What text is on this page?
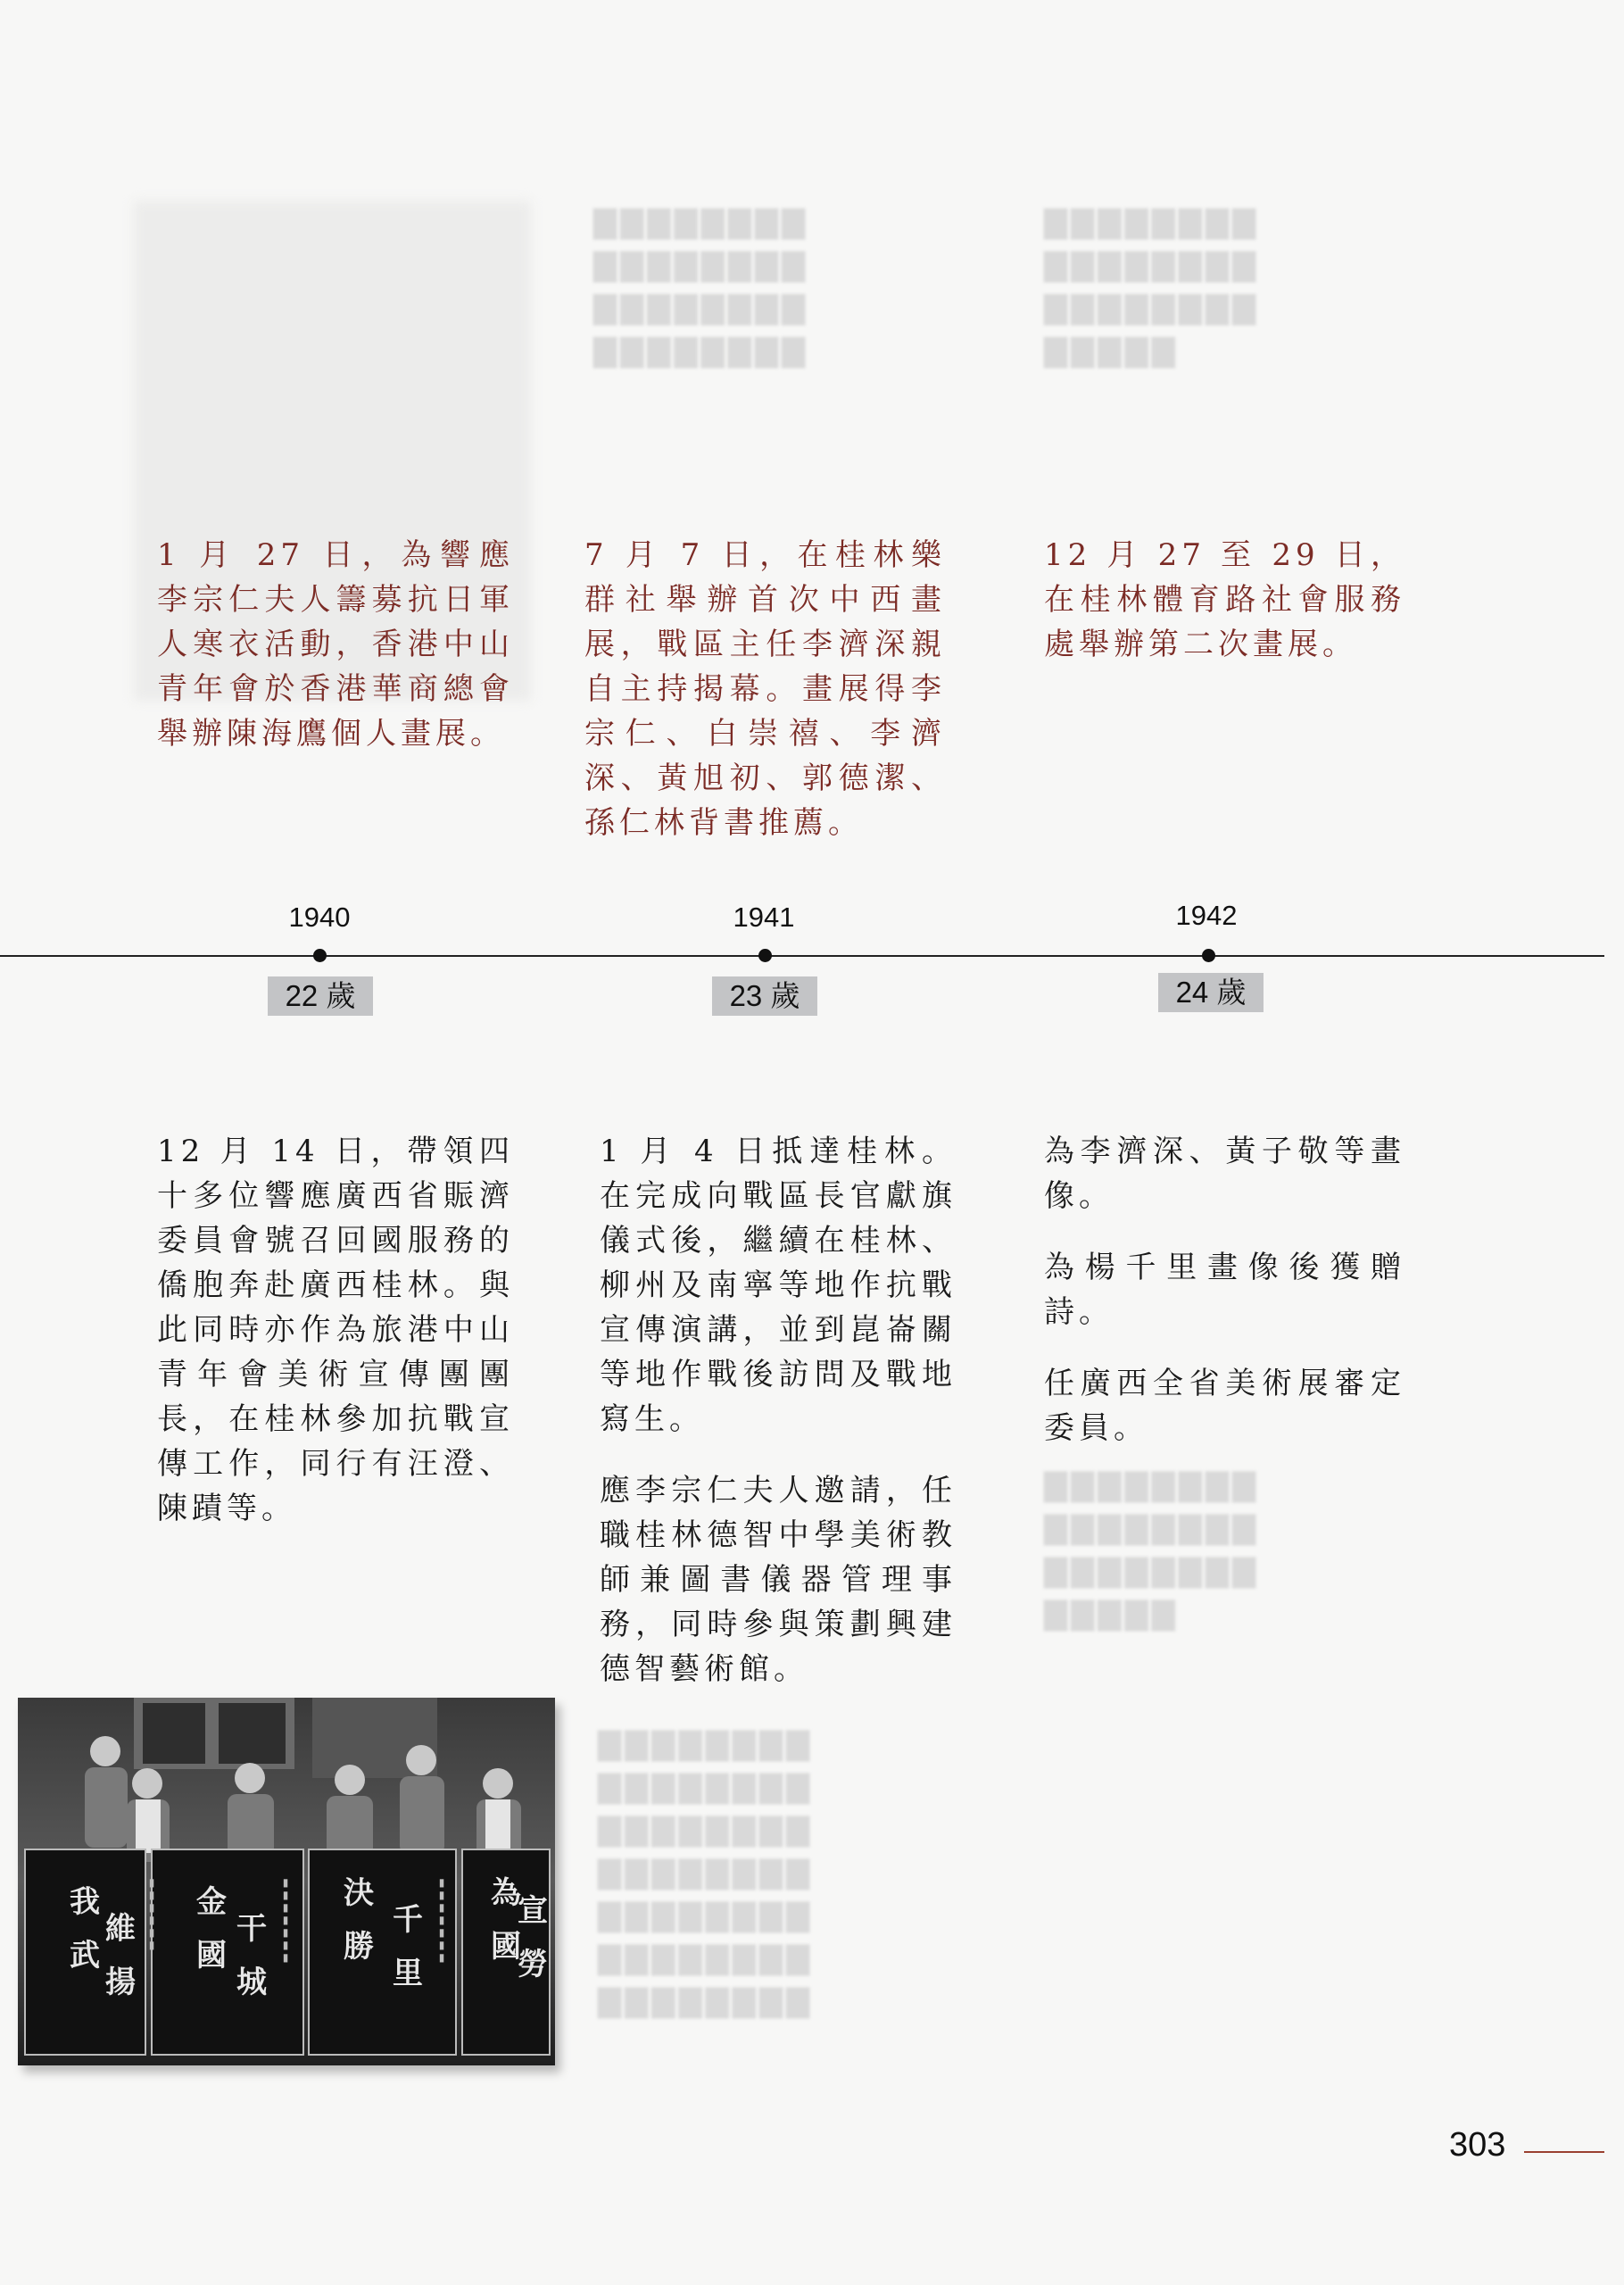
▇▇▇▇▇▇▇▇
▇▇▇▇▇▇▇▇
▇▇▇▇▇▇▇▇
▇▇▇▇▇▇▇▇
▇▇▇▇▇▇▇▇
▇▇▇▇▇▇▇▇
▇▇▇▇▇▇▇▇
▇▇▇▇▇
▇▇▇▇▇▇▇▇
▇▇▇▇▇▇▇▇
▇▇▇▇▇▇▇▇
▇▇▇▇▇▇▇▇
▇▇▇▇▇▇▇▇
▇▇▇▇▇▇▇▇
▇▇▇▇▇▇▇▇
▇▇▇▇▇▇▇▇
▇▇▇▇▇▇▇▇
▇▇▇▇▇▇▇▇
▇▇▇▇▇
1 月 27 日，為響應李宗仁夫人籌募抗日軍人寒衣活動，香港中山青年會於香港華商總會舉辦陳海鷹個人畫展。
7 月 7 日，在桂林樂群社舉辦首次中西畫展，戰區主任李濟深親自主持揭幕。畫展得李宗仁、白崇禧、李濟深、黃旭初、郭德潔、孫仁林背書推薦。
12 月 27 至 29 日，在桂林體育路社會服務處舉辦第二次畫展。
1940
22 歲
1941
23 歲
1942
24 歲

12 月 14 日，帶領四十多位響應廣西省賑濟委員會號召回國服務的僑胞奔赴廣西桂林。與此同時亦作為旅港中山青年會美術宣傳團團長，在桂林參加抗戰宣傳工作，同行有汪澄、陳蹟等。

1 月 4 日抵達桂林。在完成向戰區長官獻旗儀式後，繼續在桂林、柳州及南寧等地作抗戰宣傳演講，並到崑崙關等地作戰後訪問及戰地寫生。

應李宗仁夫人邀請，任職桂林德智中學美術教師兼圖書儀器管理事務，同時參與策劃興建德智藝術館。

為李濟深、黃子敬等畫像。

為楊千里畫像後獲贈詩。

任廣西全省美術展審定委員。

我
武
維
揚
金
國
干
城
決
勝
千
里
為
國
宣
勞
▮▮▮▮▮▮	▮▮▮▮▮▮▮	▮▮▮▮▮▮▮
303
